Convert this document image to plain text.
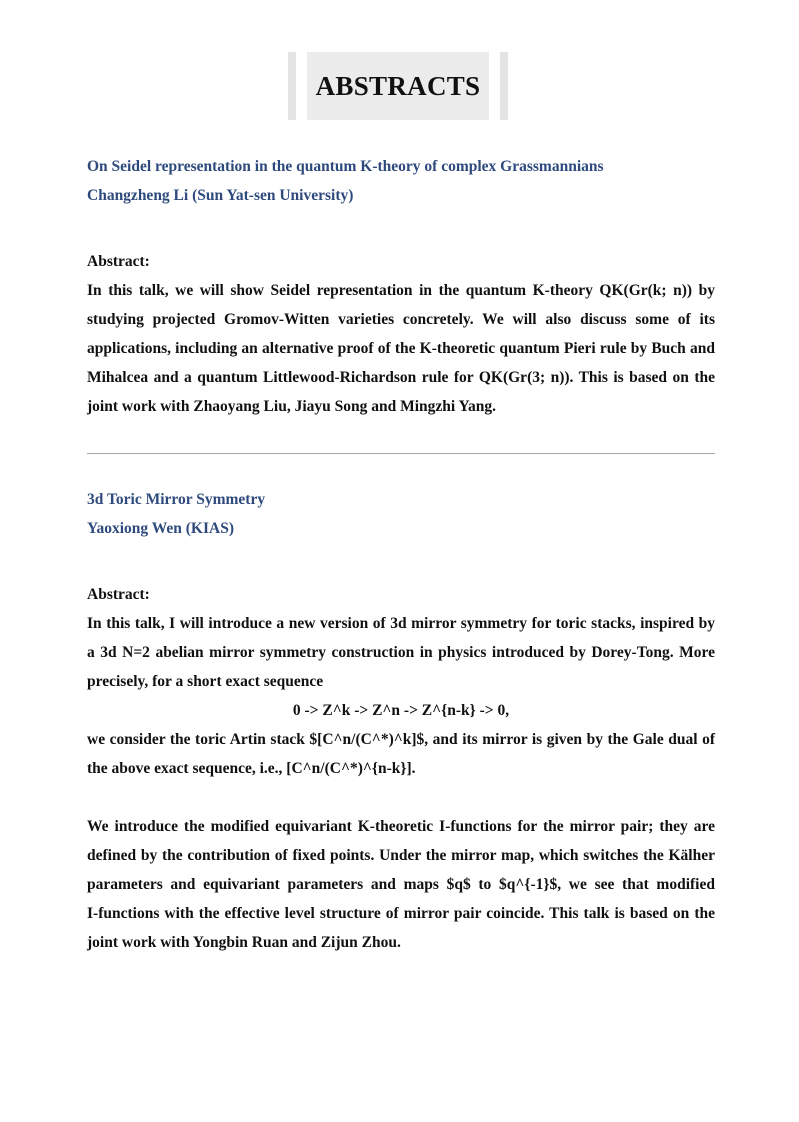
ABSTRACTS
On Seidel representation in the quantum K-theory of complex Grassmannians
Changzheng Li (Sun Yat-sen University)
Abstract:
In this talk, we will show Seidel representation in the quantum K-theory QK(Gr(k; n)) by
studying projected Gromov-Witten varieties concretely. We will also discuss some of its
applications, including an alternative proof of the K-theoretic quantum Pieri rule by Buch and
Mihalcea and a quantum Littlewood-Richardson rule for QK(Gr(3; n)). This is based on the
joint work with Zhaoyang Liu, Jiayu Song and Mingzhi Yang.
3d Toric Mirror Symmetry
Yaoxiong Wen (KIAS)
Abstract:
In this talk, I will introduce a new version of 3d mirror symmetry for toric stacks, inspired by
a 3d N=2 abelian mirror symmetry construction in physics introduced by Dorey-Tong. More
precisely, for a short exact sequence
0 -> Z^k -> Z^n -> Z^{n-k} -> 0,
we consider the toric Artin stack $[C^n/(C^*)^k]$, and its mirror is given by the Gale dual of
the above exact sequence, i.e., [C^n/(C^*)^{n-k}].
We introduce the modified equivariant K-theoretic I-functions for the mirror pair; they are
defined by the contribution of fixed points. Under the mirror map, which switches the Kälher
parameters and equivariant parameters and maps $q$ to $q^{-1}$, we see that modified
I-functions with the effective level structure of mirror pair coincide. This talk is based on the
joint work with Yongbin Ruan and Zijun Zhou.
